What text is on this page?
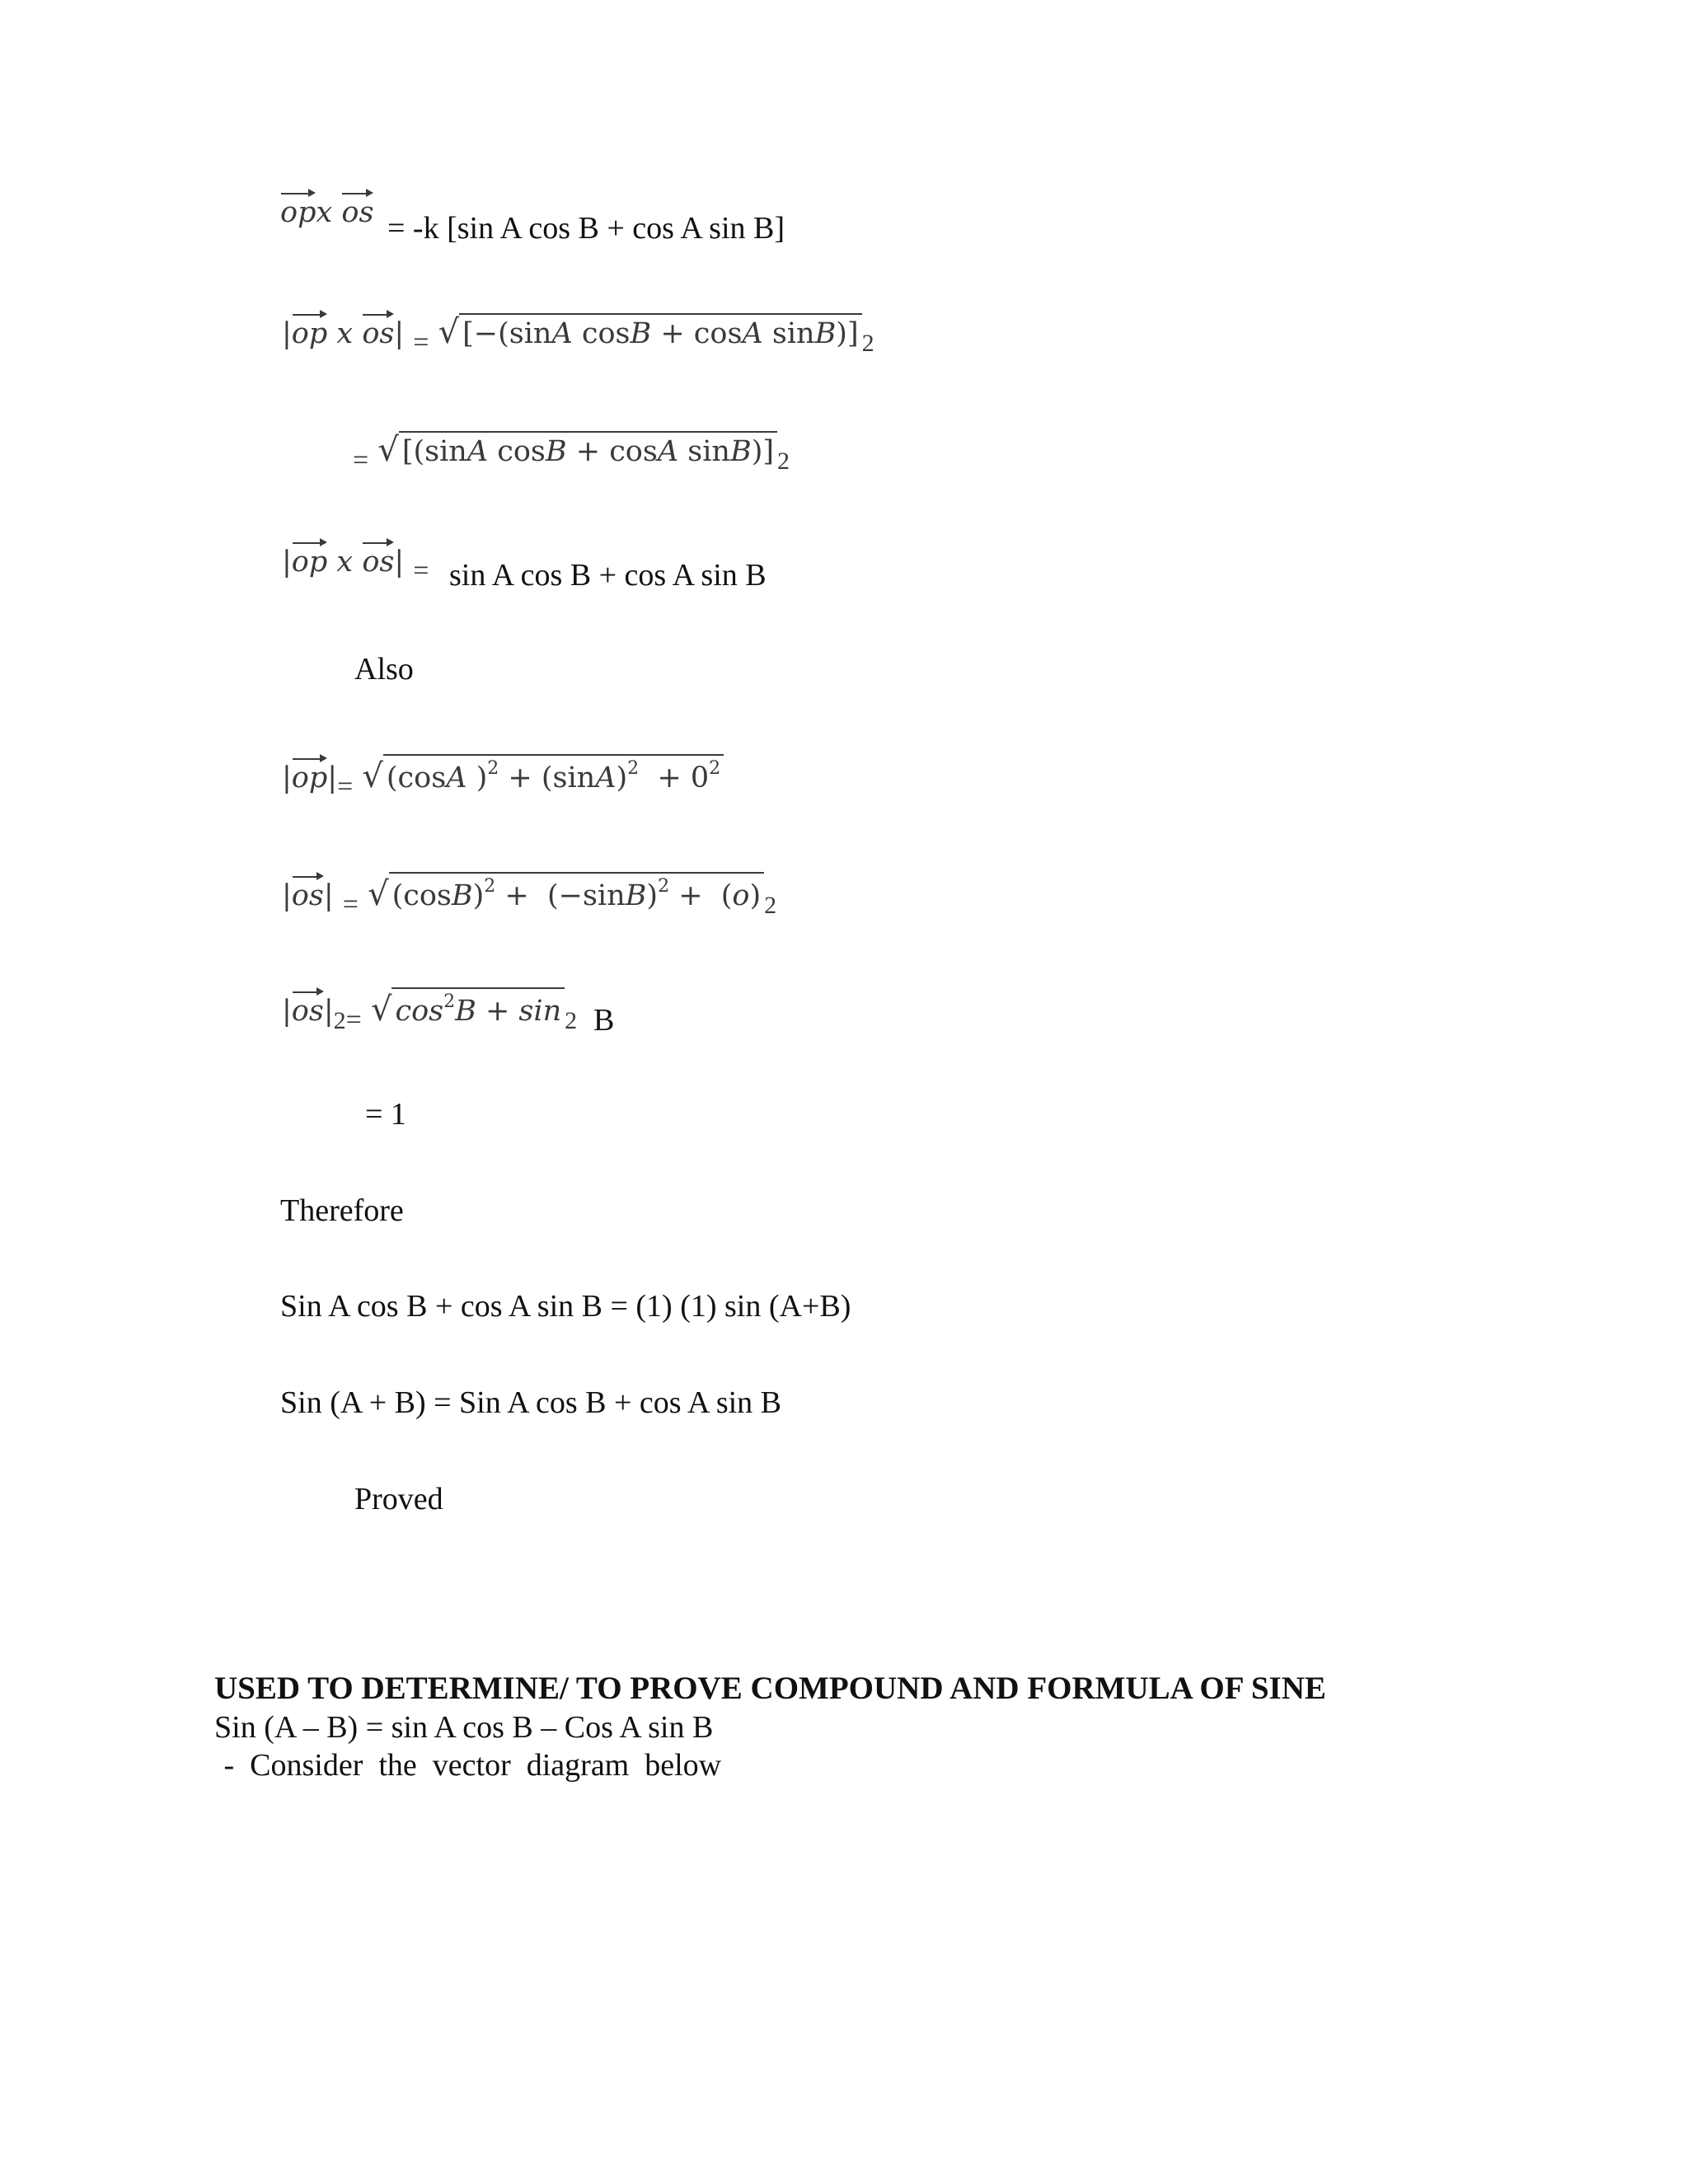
opx os = -k [sin A cos B + cos A sin B]
|op x os| = √ [−(sinA cosB + cosA sinB)] 2
= √ [(sinA cosB + cosA sinB)] 2
|op x os| = sin A cos B + cos A sin B
Also
|op|= √ (cosA )$^2 + (\sin A)^2 + 0^2$
|os| = √ $(\cos B)^2 + (-\sin B)^2 + (o)$ 2
|os|2= √ $\cos^2B + \sin 2$ B
= 1
Therefore
Sin A cos B + cos A sin B = (1) (1) sin (A+B)
Sin (A + B) = Sin A cos B + cos A sin B
Proved
USED TO DETERMINE/ TO PROVE COMPOUND AND FORMULA OF SINE
Sin (A – B) = sin A cos B – Cos A sin B
-  Consider  the  vector  diagram  below
